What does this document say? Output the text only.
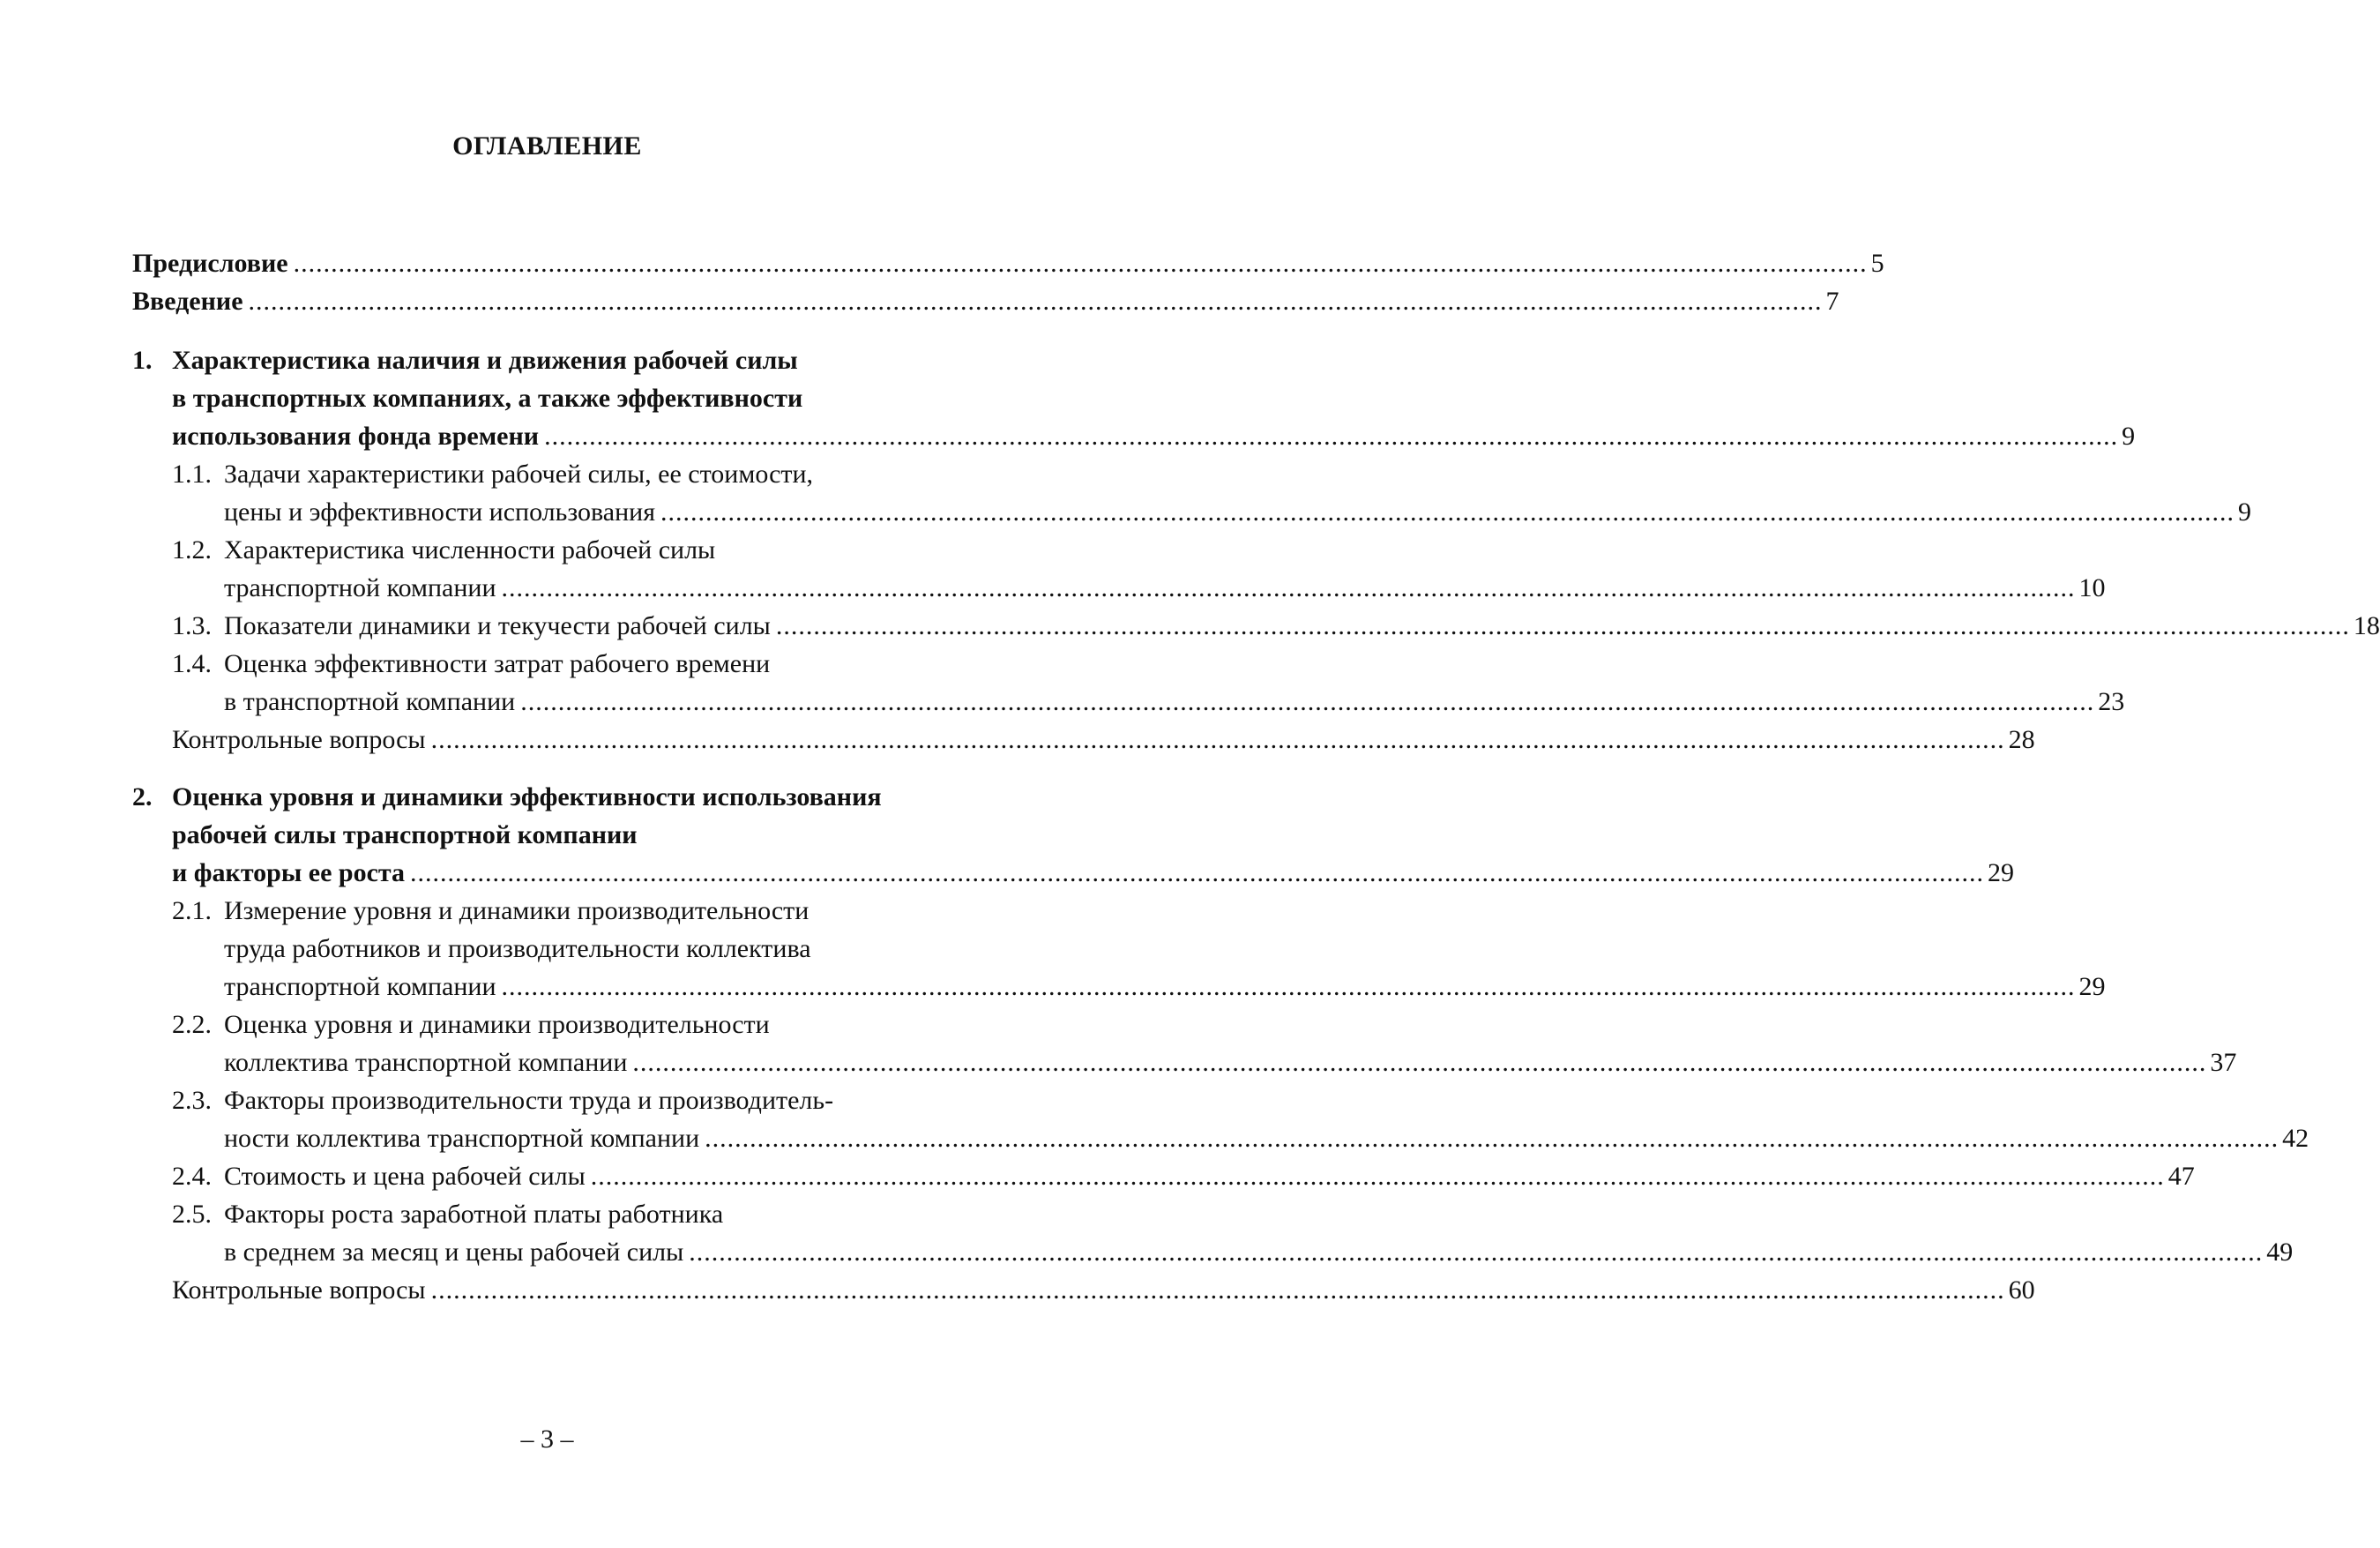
ОГЛАВЛЕНИЕ
Предисловие .................................................................................................................................................................................................................. 5
Введение .................................................................................................................................................................................................................. 7
1. Характеристика наличия и движения рабочей силы
в транспортных компаниях, а также эффективности
использования фонда времени .................................................................................................................................................................................................................. 9
1.1. Задачи характеристики рабочей силы, ее стоимости,
цены и эффективности использования .................................................................................................................................................................................................................. 9
1.2. Характеристика численности рабочей силы
транспортной компании .................................................................................................................................................................................................................. 10
1.3. Показатели динамики и текучести рабочей силы .................................................................................................................................................................................................................. 18
1.4. Оценка эффективности затрат рабочего времени
в транспортной компании .................................................................................................................................................................................................................. 23
Контрольные вопросы .................................................................................................................................................................................................................. 28
2. Оценка уровня и динамики эффективности использования
рабочей силы транспортной компании
и факторы ее роста .................................................................................................................................................................................................................. 29
2.1. Измерение уровня и динамики производительности
труда работников и производительности коллектива
транспортной компании .................................................................................................................................................................................................................. 29
2.2. Оценка уровня и динамики производительности
коллектива транспортной компании .................................................................................................................................................................................................................. 37
2.3. Факторы производительности труда и производитель-
ности коллектива транспортной компании .................................................................................................................................................................................................................. 42
2.4. Стоимость и цена рабочей силы .................................................................................................................................................................................................................. 47
2.5. Факторы роста заработной платы работника
в среднем за месяц и цены рабочей силы .................................................................................................................................................................................................................. 49
Контрольные вопросы .................................................................................................................................................................................................................. 60
– 3 –
